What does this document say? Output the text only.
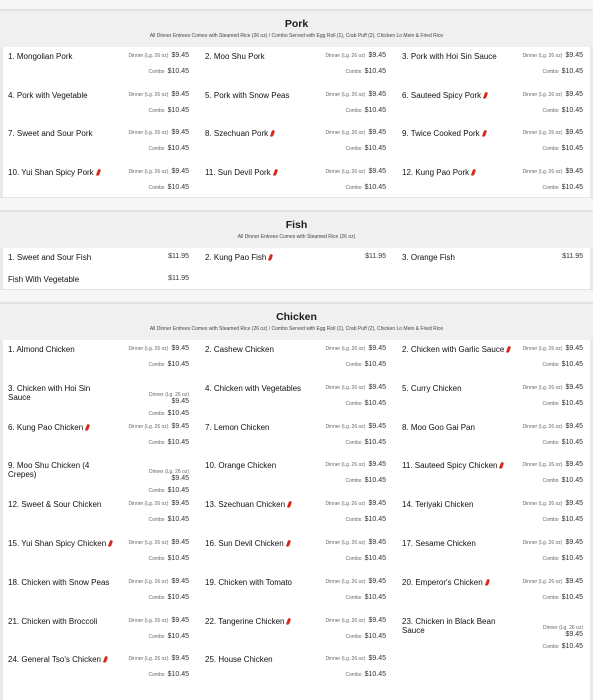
Pork
All Dinner Entrees Comes with Steamed Rice (26 oz) / Combo Served with Egg Roll (1), Crab Puff (2), Chicken Lo Mein & Fried Rice
1. Mongolian Pork	Dinner (Lg. 26 oz) $9.45
Combo $10.45
2. Moo Shu Pork	Dinner (Lg. 26 oz) $9.45
Combo $10.45
3. Pork with Hoi Sin Sauce	Dinner (Lg. 26 oz) $9.45
Combo $10.45
4. Pork with Vegetable	Dinner (Lg. 26 oz) $9.45
Combo $10.45
5. Pork with Snow Peas	Dinner (Lg. 26 oz) $9.45
Combo $10.45
6. Sauteed Spicy Pork	Dinner (Lg. 26 oz) $9.45
Combo $10.45
7. Sweet and Sour Pork	Dinner (Lg. 26 oz) $9.45
Combo $10.45
8. Szechuan Pork	Dinner (Lg. 26 oz) $9.45
Combo $10.45
9. Twice Cooked Pork	Dinner (Lg. 26 oz) $9.45
Combo $10.45
10. Yui Shan Spicy Pork	Dinner (Lg. 26 oz) $9.45
Combo $10.45
11. Sun Devil Pork	Dinner (Lg. 26 oz) $9.45
Combo $10.45
12. Kung Pao Pork	Dinner (Lg. 26 oz) $9.45
Combo $10.45
Fish
All Dinner Entrees Comes with Steamed Rice (26 oz)
1. Sweet and Sour Fish	$11.95 2. Kung Pao Fish	$11.95 3. Orange Fish	$11.95
Fish With Vegetable	$11.95
Chicken
All Dinner Entrees Comes with Steamed Rice (26 oz) / Combo Served with Egg Roll (1), Crab Puff (2), Chicken Lo Mein & Fried Rice
1. Almond Chicken	Dinner (Lg. 26 oz) $9.45
Combo $10.45
2. Cashew Chicken	Dinner (Lg. 26 oz) $9.45
Combo $10.45
2. Chicken with Garlic Sauce	Dinner (Lg. 26 oz) $9.45
Combo $10.45
3. Chicken with Hoi Sin Sauce	Dinner (Lg. 26 oz)
$9.45
Combo $10.45
4. Chicken with Vegetables	Dinner (Lg. 26 oz) $9.45
Combo $10.45
5. Curry Chicken	Dinner (Lg. 26 oz) $9.45
Combo $10.45
6. Kung Pao Chicken	Dinner (Lg. 26 oz) $9.45
Combo $10.45
7. Lemon Chicken	Dinner (Lg. 26 oz) $9.45
Combo $10.45
8. Moo Goo Gai Pan	Dinner (Lg. 26 oz) $9.45
Combo $10.45
9. Moo Shu Chicken (4 Crepes)	Dinner (Lg. 26 oz)
$9.45
Combo $10.45
10. Orange Chicken	Dinner (Lg. 26 oz) $9.45
Combo $10.45
11. Sauteed Spicy Chicken	Dinner (Lg. 26 oz) $9.45
Combo $10.45
12. Sweet & Sour Chicken	Dinner (Lg. 26 oz) $9.45
Combo $10.45
13. Szechuan Chicken	Dinner (Lg. 26 oz) $9.45
Combo $10.45
14. Teriyaki Chicken	Dinner (Lg. 26 oz) $9.45
Combo $10.45
15. Yui Shan Spicy Chicken	Dinner (Lg. 26 oz) $9.45
Combo $10.45
16. Sun Devil Chicken	Dinner (Lg. 26 oz) $9.45
Combo $10.45
17. Sesame Chicken	Dinner (Lg. 26 oz) $9.45
Combo $10.45
18. Chicken with Snow Peas	Dinner (Lg. 26 oz) $9.45
Combo $10.45
19. Chicken with Tomato	Dinner (Lg. 26 oz) $9.45
Combo $10.45
20. Emperor's Chicken	Dinner (Lg. 26 oz) $9.45
Combo $10.45
21. Chicken with Broccoli	Dinner (Lg. 26 oz) $9.45
Combo $10.45
22. Tangerine Chicken	Dinner (Lg. 26 oz) $9.45
Combo $10.45
23. Chicken in Black Bean Sauce	Dinner (Lg. 26 oz)
$9.45
Combo $10.45
24. General Tso's Chicken	Dinner (Lg. 26 oz) $9.45
Combo $10.45
25. House Chicken	Dinner (Lg. 26 oz) $9.45
Combo $10.45
